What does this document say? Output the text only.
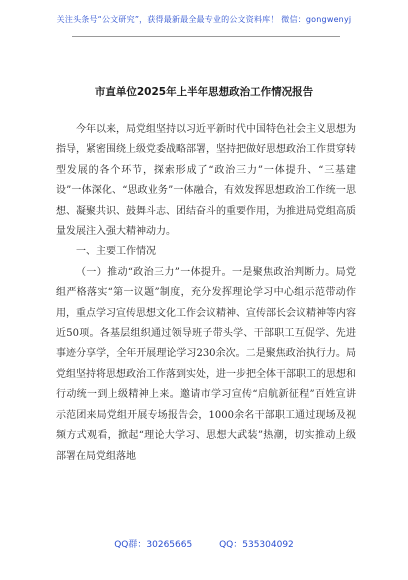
关注头条号“公文研究”，获得最新最全最专业的公文资料库！ 微信：gongwenyj
市直单位2025年上半年思想政治工作情况报告

今年以来，局党组坚持以习近平新时代中国特色社会主义思想为指导，紧密围绕上级党委战略部署，坚持把做好思想政治工作贯穿转型发展的各个环节，探索形成了“政治三力”一体提升、“三基建设”一体深化、“思政业务”一体融合，有效发挥思想政治工作统一思想、凝聚共识、鼓舞斗志、团结奋斗的重要作用，为推进局党组高质量发展注入强大精神动力。

一、主要工作情况

（一）推动“政治三力”一体提升。一是聚焦政治判断力。局党组严格落实“第一议题”制度，充分发挥理论学习中心组示范带动作用，重点学习宣传思想文化工作会议精神、宣传部长会议精神等内容近50项。各基层组织通过领导班子带头学、干部职工互促学、先进事迹分享学，全年开展理论学习230余次。二是聚焦政治执行力。局党组坚持将思想政治工作落到实处，进一步把全体干部职工的思想和行动统一到上级精神上来。邀请市学习宣传“启航新征程”百姓宣讲示范团来局党组开展专场报告会，1000余名干部职工通过现场及视频方式观看，掀起“理论大学习、思想大武装”热潮，切实推动上级部署在局党组落地

QQ群：30265665	QQ：535304092
